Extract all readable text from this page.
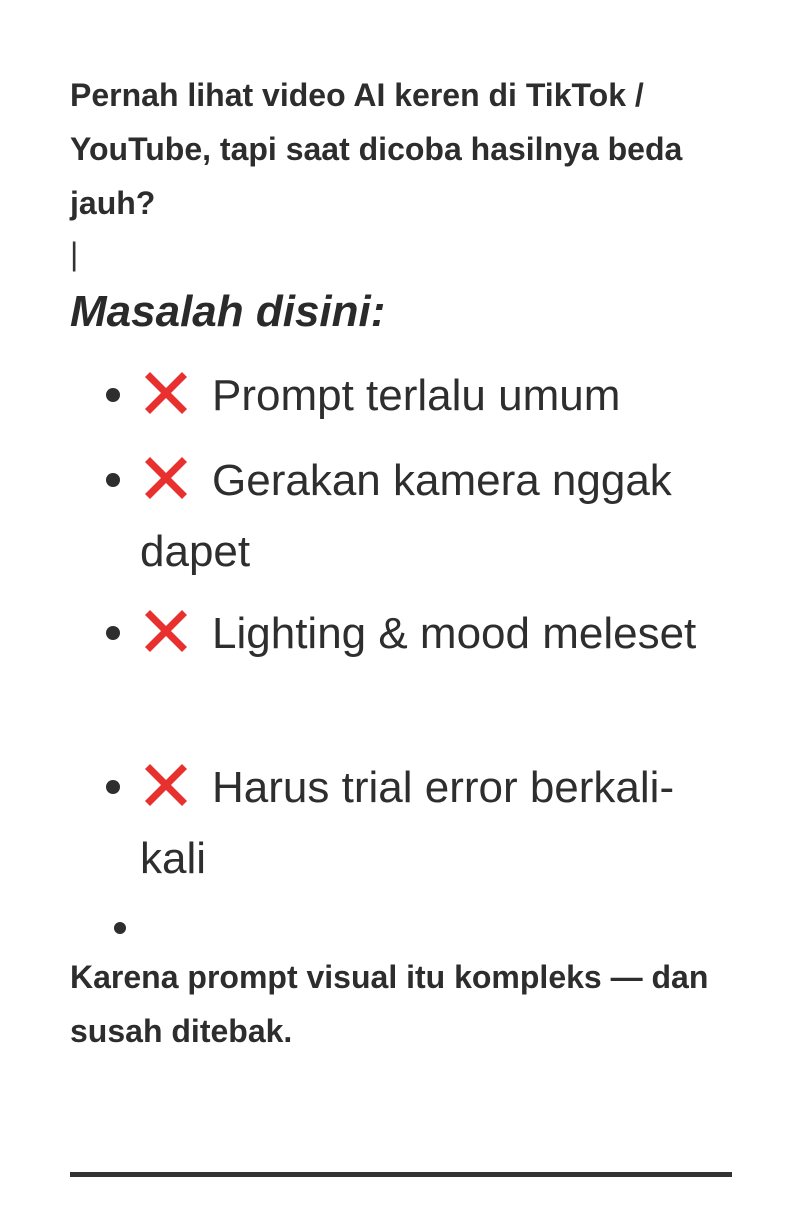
Pernah lihat video AI keren di TikTok / YouTube, tapi saat dicoba hasilnya beda jauh?
|
Masalah disini:
Prompt terlalu umum
Gerakan kamera nggak dapet
Lighting & mood meleset
Harus trial error berkali-kali
Karena prompt visual itu kompleks — dan susah ditebak.
